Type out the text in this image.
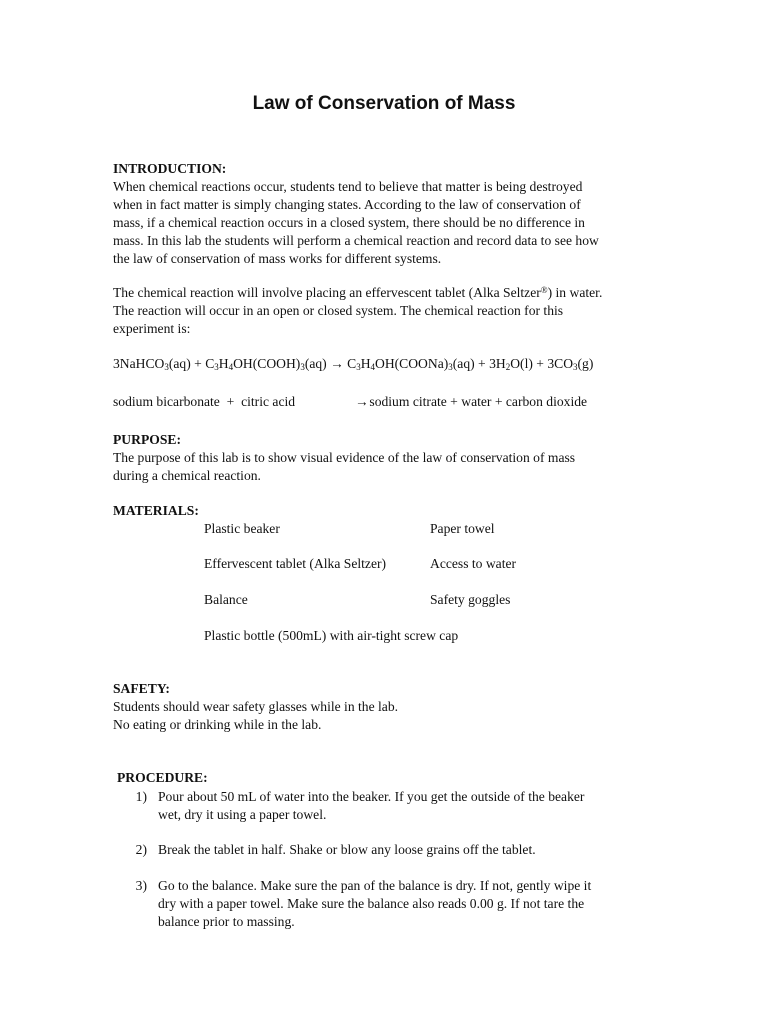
Law of Conservation of Mass
INTRODUCTION:
When chemical reactions occur, students tend to believe that matter is being destroyed
when in fact matter is simply changing states. According to the law of conservation of
mass, if a chemical reaction occurs in a closed system, there should be no difference in
mass. In this lab the students will perform a chemical reaction and record data to see how
the law of conservation of mass works for different systems.
The chemical reaction will involve placing an effervescent tablet (Alka Seltzer®) in water.
The reaction will occur in an open or closed system. The chemical reaction for this
experiment is:
3NaHCO$_3$(aq) + $C_3H_4OH(COOH)_3(aq)$ → $C_3H_4OH(COONa)_3(aq) + 3H_2O(l) + 3CO_3(g)$
sodium bicarbonate  +  citric acid	→
sodium citrate + water + carbon dioxide
PURPOSE:
The purpose of this lab is to show visual evidence of the law of conservation of mass
during a chemical reaction.
MATERIALS:
Plastic beaker	Paper towel
Effervescent tablet (Alka Seltzer)	Access to water
Balance	Safety goggles
Plastic bottle (500mL) with air-tight screw cap
SAFETY:
Students should wear safety glasses while in the lab.
No eating or drinking while in the lab.
PROCEDURE:
1) Pour about 50 mL of water into the beaker. If you get the outside of the beaker
wet, dry it using a paper towel.
2) Break the tablet in half. Shake or blow any loose grains off the tablet.
3) Go to the balance. Make sure the pan of the balance is dry. If not, gently wipe it
dry with a paper towel. Make sure the balance also reads 0.00 g. If not tare the
balance prior to massing.
